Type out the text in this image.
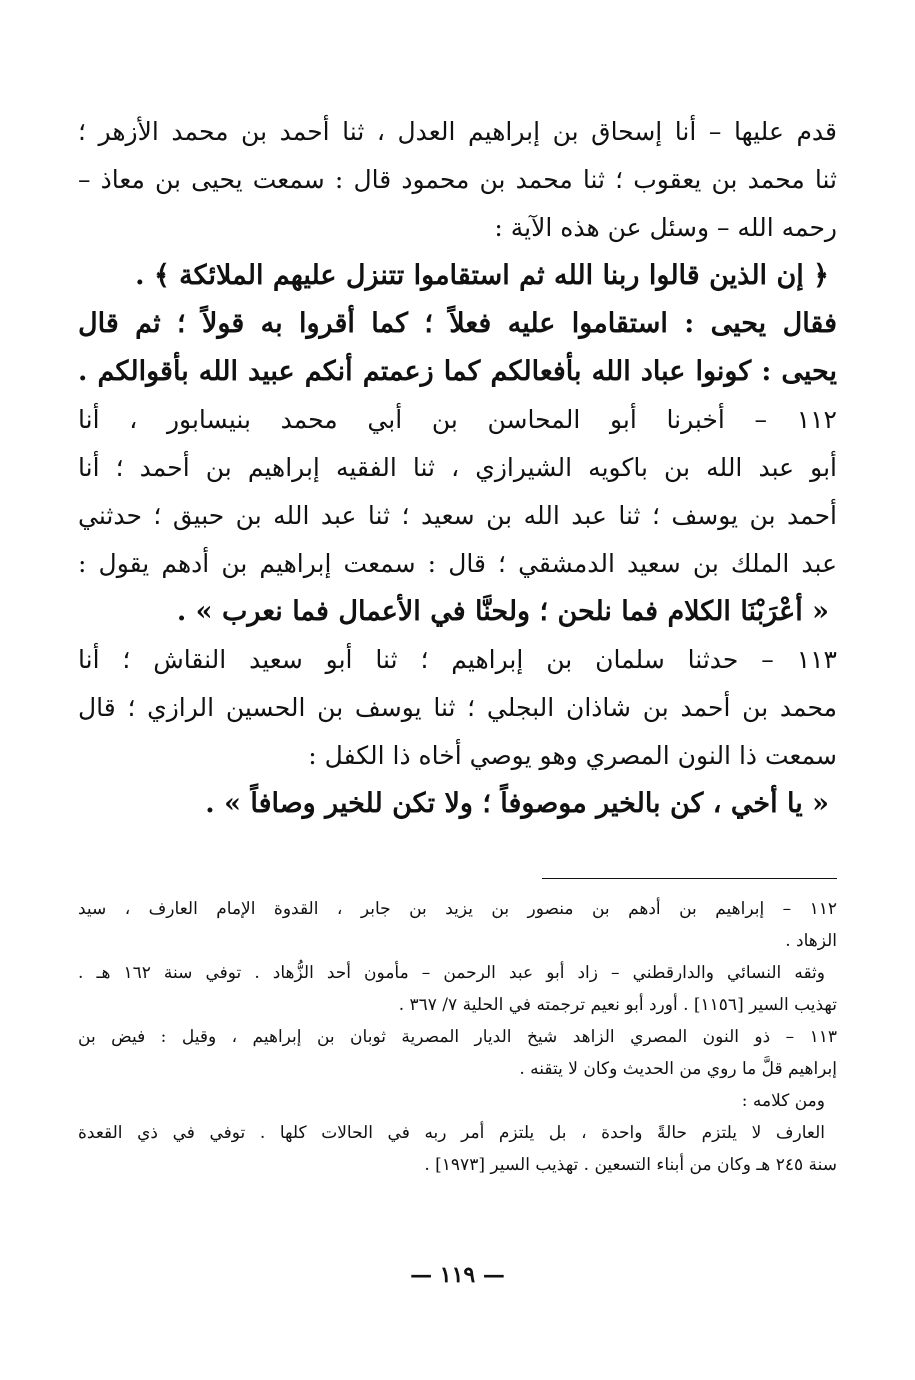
قدم عليها – أنا إسحاق بن إبراهيم العدل ، ثنا أحمد بن محمد الأزهر ؛
ثنا محمد بن يعقوب ؛ ثنا محمد بن محمود قال : سمعت يحيى بن معاذ –
رحمه الله – وسئل عن هذه الآية :
﴿ إن الذين قالوا ربنا الله ثم استقاموا تتنزل عليهم الملائكة ﴾ .
فقال يحيى : استقاموا عليه فعلاً ؛ كما أقروا به قولاً ؛ ثم قال
يحيى : كونوا عباد الله بأفعالكم كما زعمتم أنكم عبيد الله بأقوالكم .
١١٢ – أخبرنا أبو المحاسن بن أبي محمد بنيسابور ، أنا
أبو عبد الله بن باكويه الشيرازي ، ثنا الفقيه إبراهيم بن أحمد ؛ أنا
أحمد بن يوسف ؛ ثنا عبد الله بن سعيد ؛ ثنا عبد الله بن حبيق ؛ حدثني
عبد الملك بن سعيد الدمشقي ؛ قال : سمعت إبراهيم بن أدهم يقول :
« أعْرَبْنَا الكلام فما نلحن ؛ ولحنَّا في الأعمال فما نعرب » .
١١٣ – حدثنا سلمان بن إبراهيم ؛ ثنا أبو سعيد النقاش ؛ أنا
محمد بن أحمد بن شاذان البجلي ؛ ثنا يوسف بن الحسين الرازي ؛ قال
سمعت ذا النون المصري وهو يوصي أخاه ذا الكفل :
« يا أخي ، كن بالخير موصوفاً ؛ ولا تكن للخير وصافاً » .
١١٢ – إبراهيم بن أدهم بن منصور بن يزيد بن جابر ، القدوة الإمام العارف ، سيد
الزهاد .
وثقه النسائي والدارقطني – زاد أبو عبد الرحمن – مأمون أحد الزُّهاد . توفي سنة ١٦٢ هـ .
تهذيب السير [١١٥٦] . أورد أبو نعيم ترجمته في الحلية ٧/ ٣٦٧ .
١١٣ – ذو النون المصري الزاهد شيخ الديار المصرية ثوبان بن إبراهيم ، وقيل : فيض بن
إبراهيم قلَّ ما روي من الحديث وكان لا يتقنه .
ومن كلامه :
العارف لا يلتزم حالةً واحدة ، بل يلتزم أمر ربه في الحالات كلها . توفي في ذي القعدة
سنة ٢٤٥ هـ وكان من أبناء التسعين . تهذيب السير [١٩٧٣] .
— ١١٩ —
